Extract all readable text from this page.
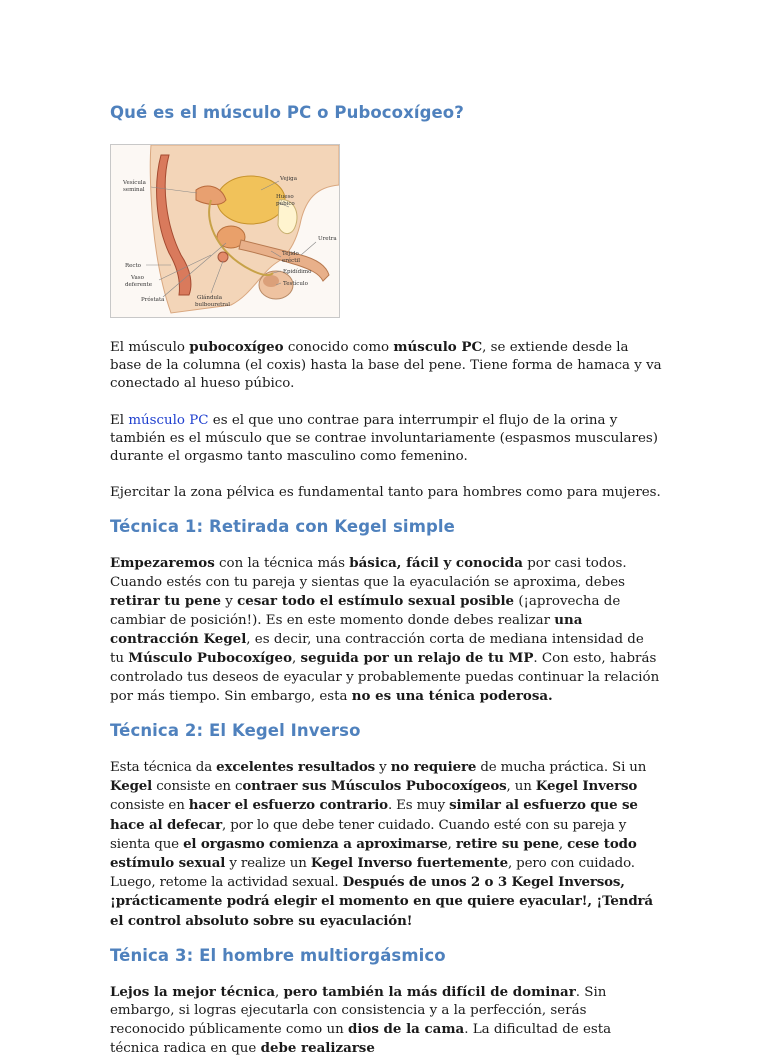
Qué es el músculo PC o Pubocoxígeo?
Vesícula
seminal
Vejiga
Hueso
púbico
Uretra
Tejido
eréctil
Recto
Vaso
deferente
Epidídimo
Testículo
Próstata	Glándula
bulbouretral

El músculo pubocoxígeo conocido como músculo PC, se extiende desde la base de la columna (el coxis) hasta la base del pene. Tiene forma de hamaca y va conectado al hueso púbico.

El músculo PC es el que uno contrae para interrumpir el flujo de la orina y también es el músculo que se contrae involuntariamente (espasmos musculares) durante el orgasmo tanto masculino como femenino.

Ejercitar la zona pélvica es fundamental tanto para hombres como para mujeres.

Técnica 1: Retirada con Kegel simple

Empezaremos con la técnica más básica, fácil y conocida por casi todos. Cuando estés con tu pareja y sientas que la eyaculación se aproxima, debes retirar tu pene y cesar todo el estímulo sexual posible (¡aprovecha de cambiar de posición!). Es en este momento donde debes realizar una contracción Kegel, es decir, una contracción corta de mediana intensidad de tu Músculo Pubocoxígeo, seguida por un relajo de tu MP. Con esto, habrás controlado tus deseos de eyacular y probablemente puedas continuar la relación por más tiempo. Sin embargo, esta no es una ténica poderosa.

Técnica 2: El Kegel Inverso

Esta técnica da excelentes resultados y no requiere de mucha práctica. Si un Kegel consiste en contraer sus Músculos Pubocoxígeos, un Kegel Inverso consiste en hacer el esfuerzo contrario. Es muy similar al esfuerzo que se hace al defecar, por lo que debe tener cuidado. Cuando esté con su pareja y sienta que el orgasmo comienza a aproximarse, retire su pene, cese todo estímulo sexual y realize un Kegel Inverso fuertemente, pero con cuidado. Luego, retome la actividad sexual. Después de unos 2 o 3 Kegel Inversos, ¡prácticamente podrá elegir el momento en que quiere eyacular!, ¡Tendrá el control absoluto sobre su eyaculación!

Ténica 3: El hombre multiorgásmico

Lejos la mejor técnica, pero también la más difícil de dominar. Sin embargo, si logras ejecutarla con consistencia y a la perfección, serás reconocido públicamente como un dios de la cama. La dificultad de esta técnica radica en que debe realizarse
